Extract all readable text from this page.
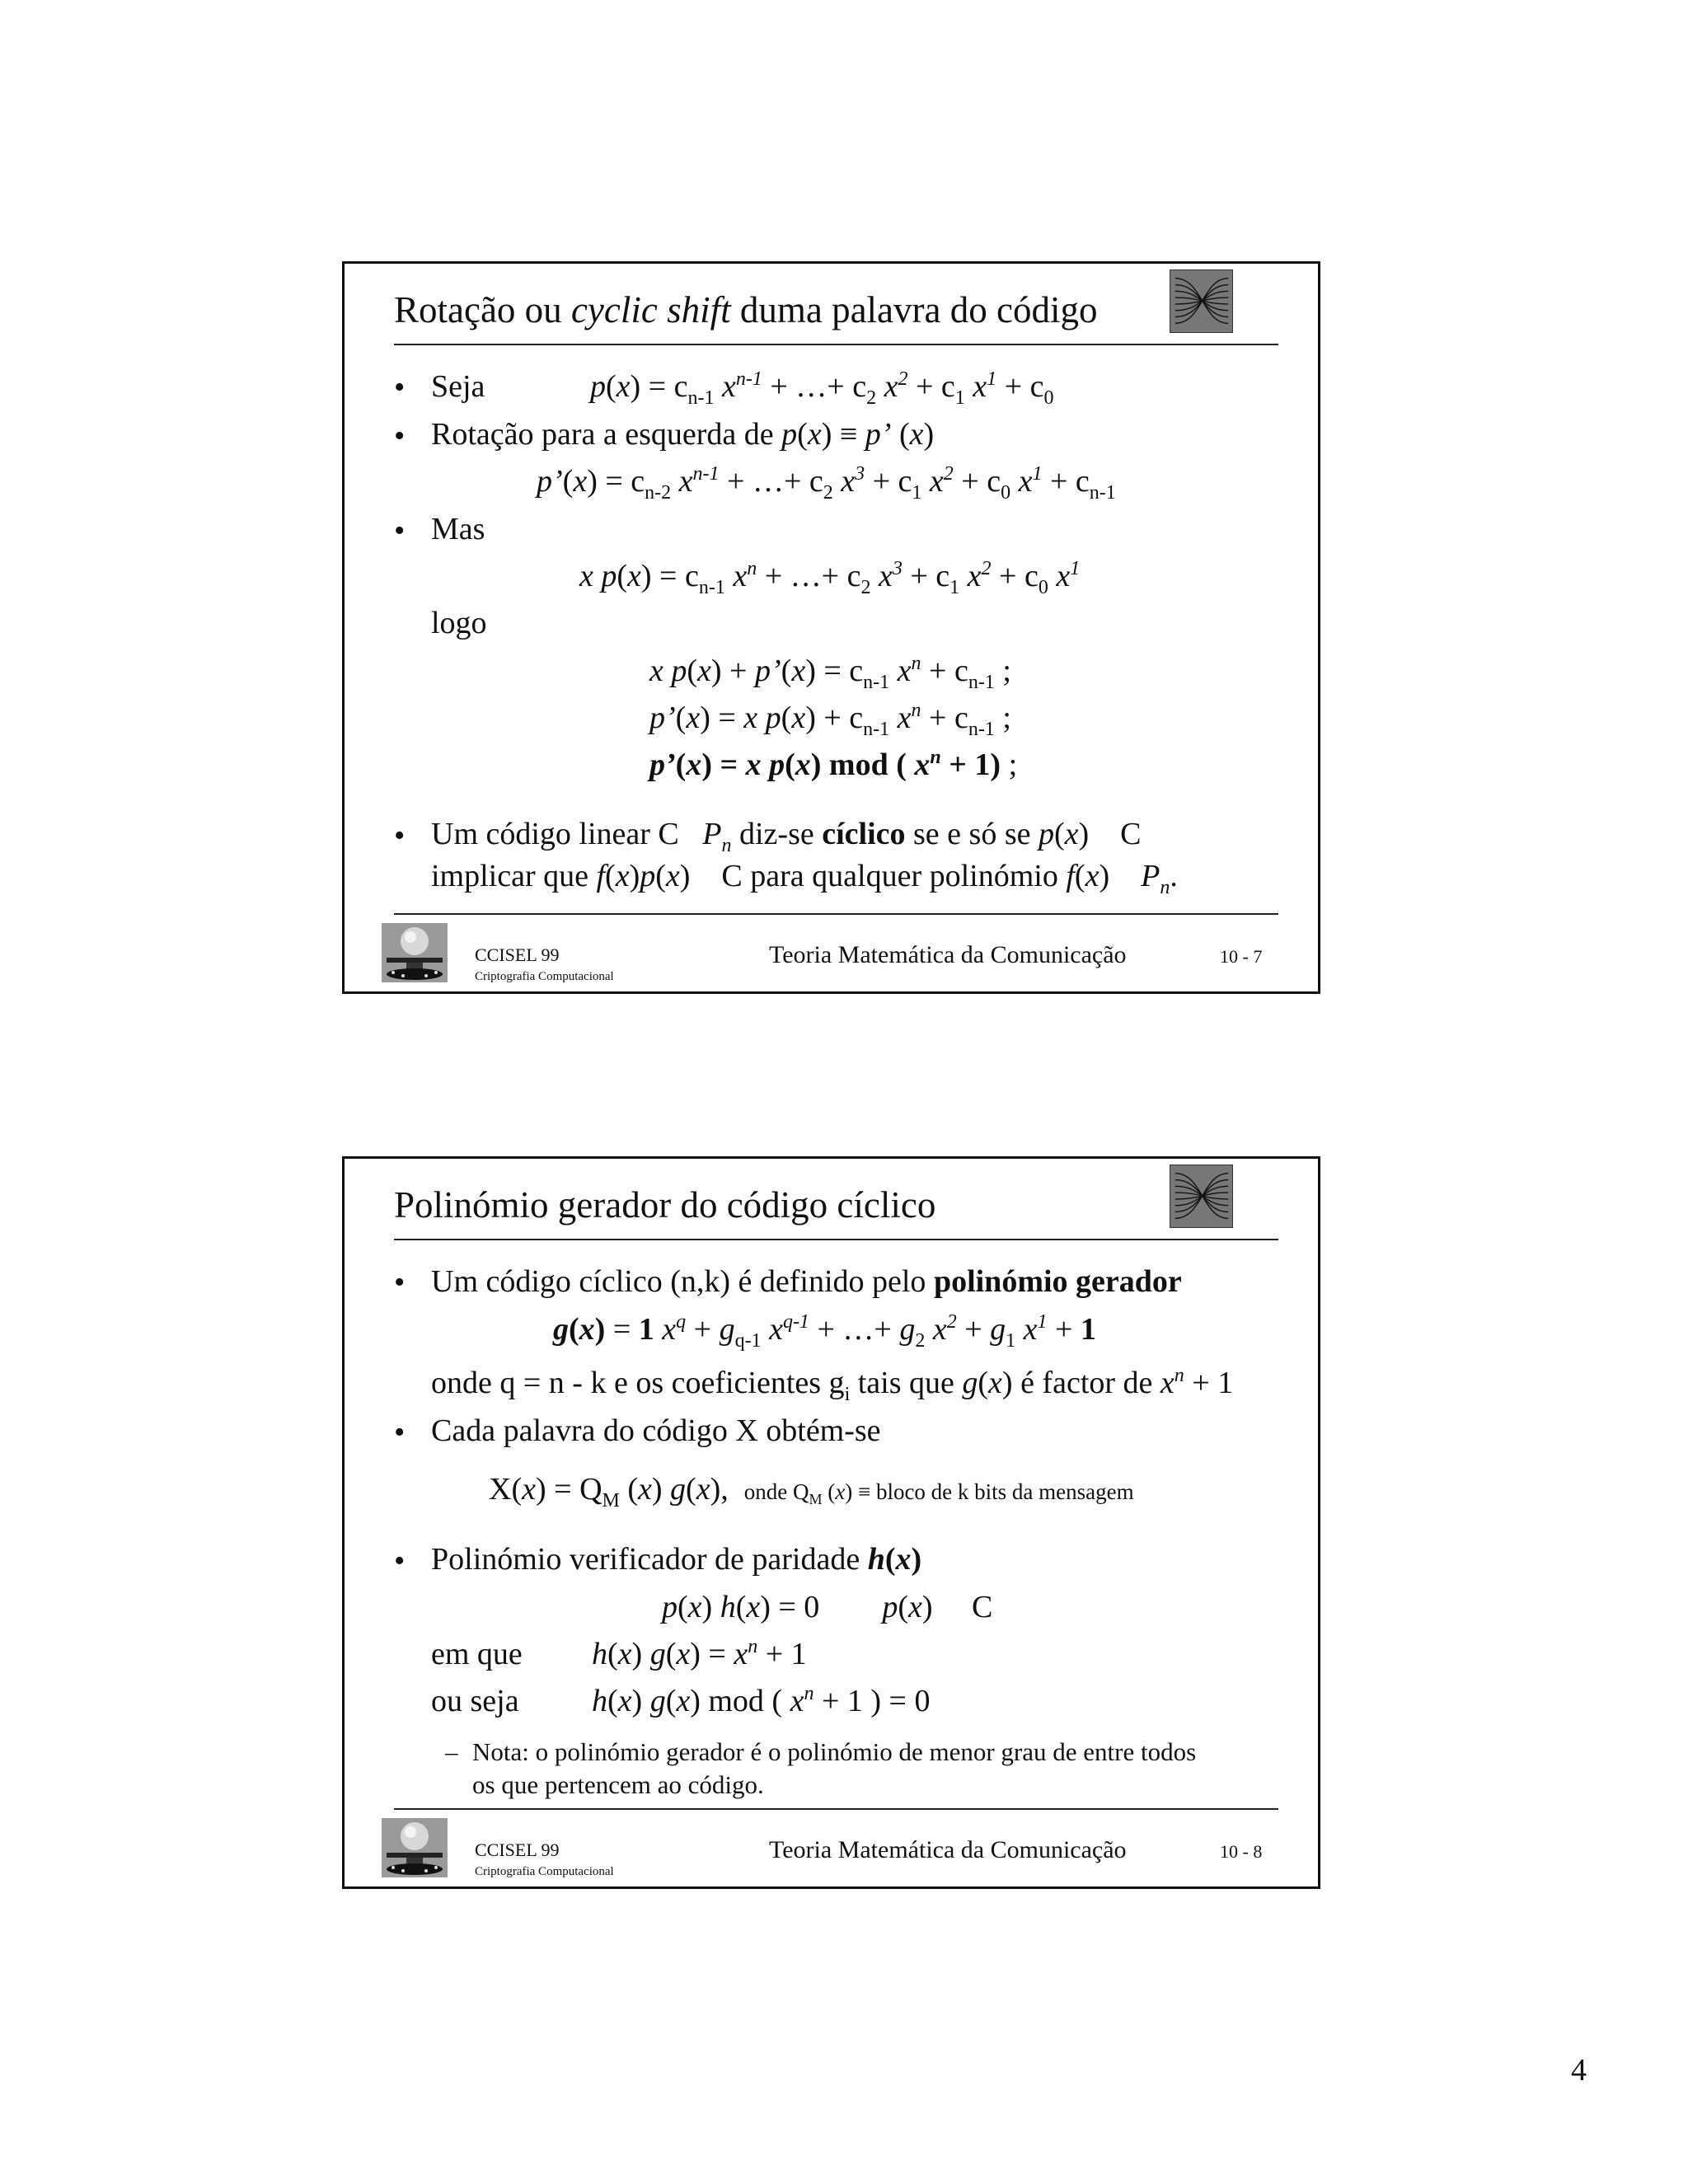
Rotação ou cyclic shift duma palavra do código
• Seja	$p(x) = c_{n-1}$ $x^{n-1}$ + …+ $c_2$ $x^2 + c_1$ $x^1 + c_0$
• Rotação para a esquerda de p(x) ≡ p’ (x)
p’(x) = $c_{n-2}$ $x^{n-1}$ + …+ $c_2$ $x^3 + c_1$ $x^2 + c_0$ $x^1 + c_{n-1}$
• Mas
x $p(x) = c_{n-1}$ $x^n$ + …+ $c_2$ $x^3 + c_1$ $x^2 + c_0$ $x^1$
logo
x p(x) + p’(x) = $c_{n-1}$ $x^n + c_{n-1}$ ;
p’(x) = x $p(x) + c_{n-1}$ $x^n + c_{n-1}$ ;
p’(x) = x p(x) mod ( $x^n + 1$) ;
• Um código linear C $P_n$ diz-se cíclico se e só se p(x)    C
implicar que f(x)p(x)    C para qualquer polinómio f(x)    $P_n$.
CCISEL 99
Criptografia Computacional
Teoria Matemática da Comunicação	10 - 7
Polinómio gerador do código cíclico
• Um código cíclico (n,k) é definido pelo polinómio gerador
g(x) = 1 $x^q + g_{q-1}$ $x^{q-1}$ + …+ $g_2$ $x^2 + g_1$ $x^1 + 1$
onde q = n - k e os coeficientes $g_i$ tais que g(x) é factor de $x^n + 1$
• Cada palavra do código X obtém-se
$X(x) = Q_M$ (x) g(x),  onde $Q_M$ (x) ≡ bloco de k bits da mensagem
• Polinómio verificador de paridade h(x)
p(x) h(x) = 0        p(x)     C
em que h(x) $g(x) = x^n + 1$
ou seja h(x) g(x) mod ( $x^n + 1$ ) = 0
– Nota: o polinómio gerador é o polinómio de menor grau de entre todos
os que pertencem ao código.
CCISEL 99
Criptografia Computacional
Teoria Matemática da Comunicação	10 - 8
4
